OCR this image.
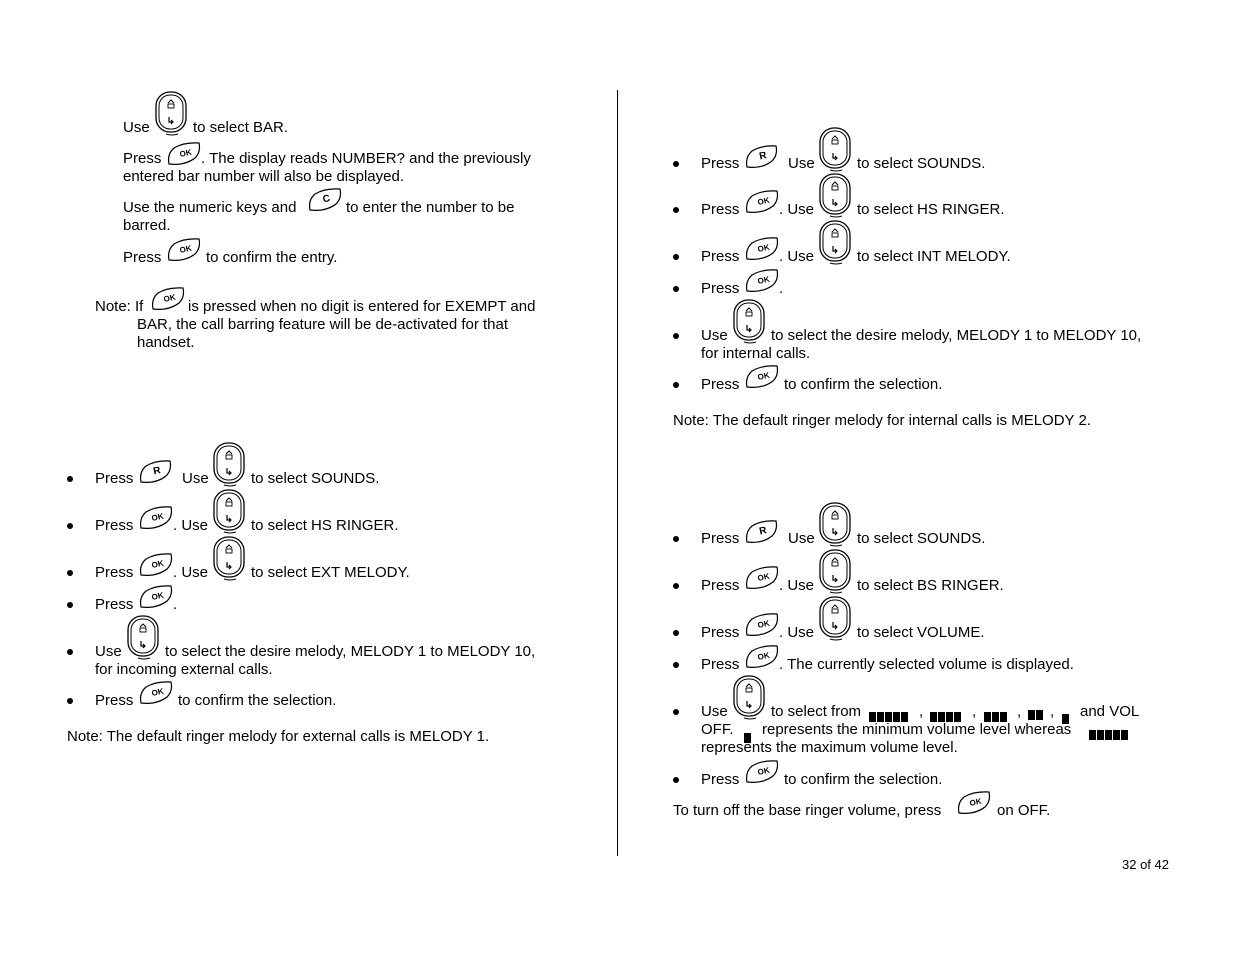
Use	to select BAR.
Press OK . The display reads NUMBER? and the previously
entered bar number will also be displayed.
Use the numeric keys and	C to enter the number to be
barred.
Press OK to confirm the entry.
Note: If OK is pressed when no digit is entered for EXEMPT and
BAR, the call barring feature will be de-activated for that
handset.
Press R Use	to select SOUNDS.
Press OK . Use	to select HS RINGER.
Press OK . Use	to select EXT MELODY.
Press OK .
Use	to select the desire melody, MELODY 1 to MELODY 10,
for incoming external calls.
Press OK to confirm the selection.
Note: The default ringer melody for external calls is MELODY 1.
Press R Use	to select SOUNDS.
Press OK . Use	to select HS RINGER.
Press OK . Use	to select INT MELODY.
Press OK .
Use	to select the desire melody, MELODY 1 to MELODY 10,
for internal calls.
Press OK to confirm the selection.
Note: The default ringer melody for internal calls is MELODY 2.
Press R Use	to select SOUNDS.
Press OK . Use	to select BS RINGER.
Press OK . Use	to select VOLUME.
Press OK . The currently selected volume is displayed.
Use	to select from	,	,	, , and VOL
OFF. represents the minimum volume level whereas
represents the maximum volume level.
Press OK to confirm the selection.
To turn off the base ringer volume, press	OK on OFF.
32 of 42
